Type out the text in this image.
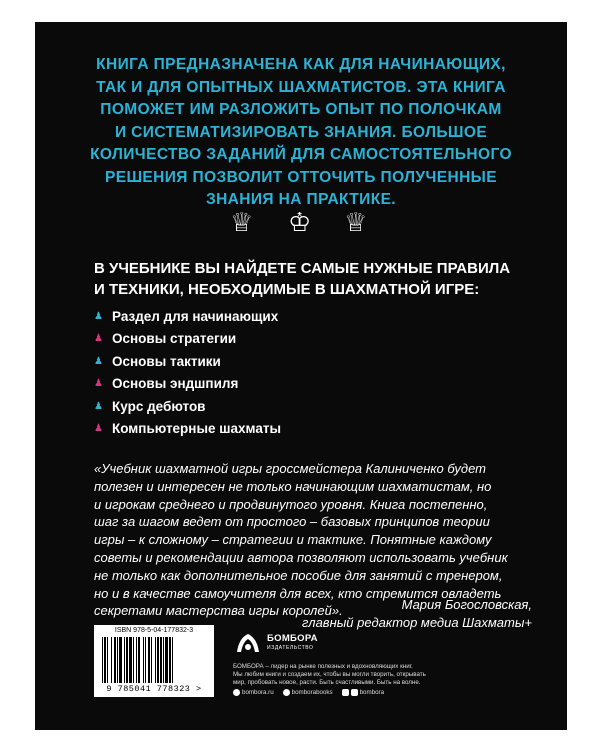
КНИГА ПРЕДНАЗНАЧЕНА КАК ДЛЯ НАЧИНАЮЩИХ,
ТАК И ДЛЯ ОПЫТНЫХ ШАХМАТИСТОВ. ЭТА КНИГА
ПОМОЖЕТ ИМ РАЗЛОЖИТЬ ОПЫТ ПО ПОЛОЧКАМ
И СИСТЕМАТИЗИРОВАТЬ ЗНАНИЯ. БОЛЬШОЕ
КОЛИЧЕСТВО ЗАДАНИЙ ДЛЯ САМОСТОЯТЕЛЬНОГО
РЕШЕНИЯ ПОЗВОЛИТ ОТТОЧИТЬ ПОЛУЧЕННЫЕ
ЗНАНИЯ НА ПРАКТИКЕ.
♕ ♔ ♕
В УЧЕБНИКЕ ВЫ НАЙДЕТЕ САМЫЕ НУЖНЫЕ ПРАВИЛА
И ТЕХНИКИ, НЕОБХОДИМЫЕ В ШАХМАТНОЙ ИГРЕ:
♟ Раздел для начинающих
♟ Основы стратегии
♟ Основы тактики
♟ Основы эндшпиля
♟ Курс дебютов
♟ Компьютерные шахматы
«Учебник шахматной игры гроссмейстера Калиниченко будет
полезен и интересен не только начинающим шахматистам, но
и игрокам среднего и продвинутого уровня. Книга постепенно,
шаг за шагом ведет от простого – базовых принципов теории
игры – к сложному – стратегии и тактике. Понятные каждому
советы и рекомендации автора позволяют использовать учебник
не только как дополнительное пособие для занятий с тренером,
но и в качестве самоучителя для всех, кто стремится овладеть
секретами мастерства игры королей».	Мария Богословская,
главный редактор медиа Шахматы+
ISBN 978-5-04-177832-3
9 785041 778323 >
БОМБОРА
ИЗДАТЕЛЬСТВО
БОМБОРА – лидер на рынке полезных и вдохновляющих книг.
Мы любим книги и создаем их, чтобы вы могли творить, открывать
мир, пробовать новое, расти. Быть счастливыми. Быть на волне.
bombora.ru	bomborabooks	bombora
